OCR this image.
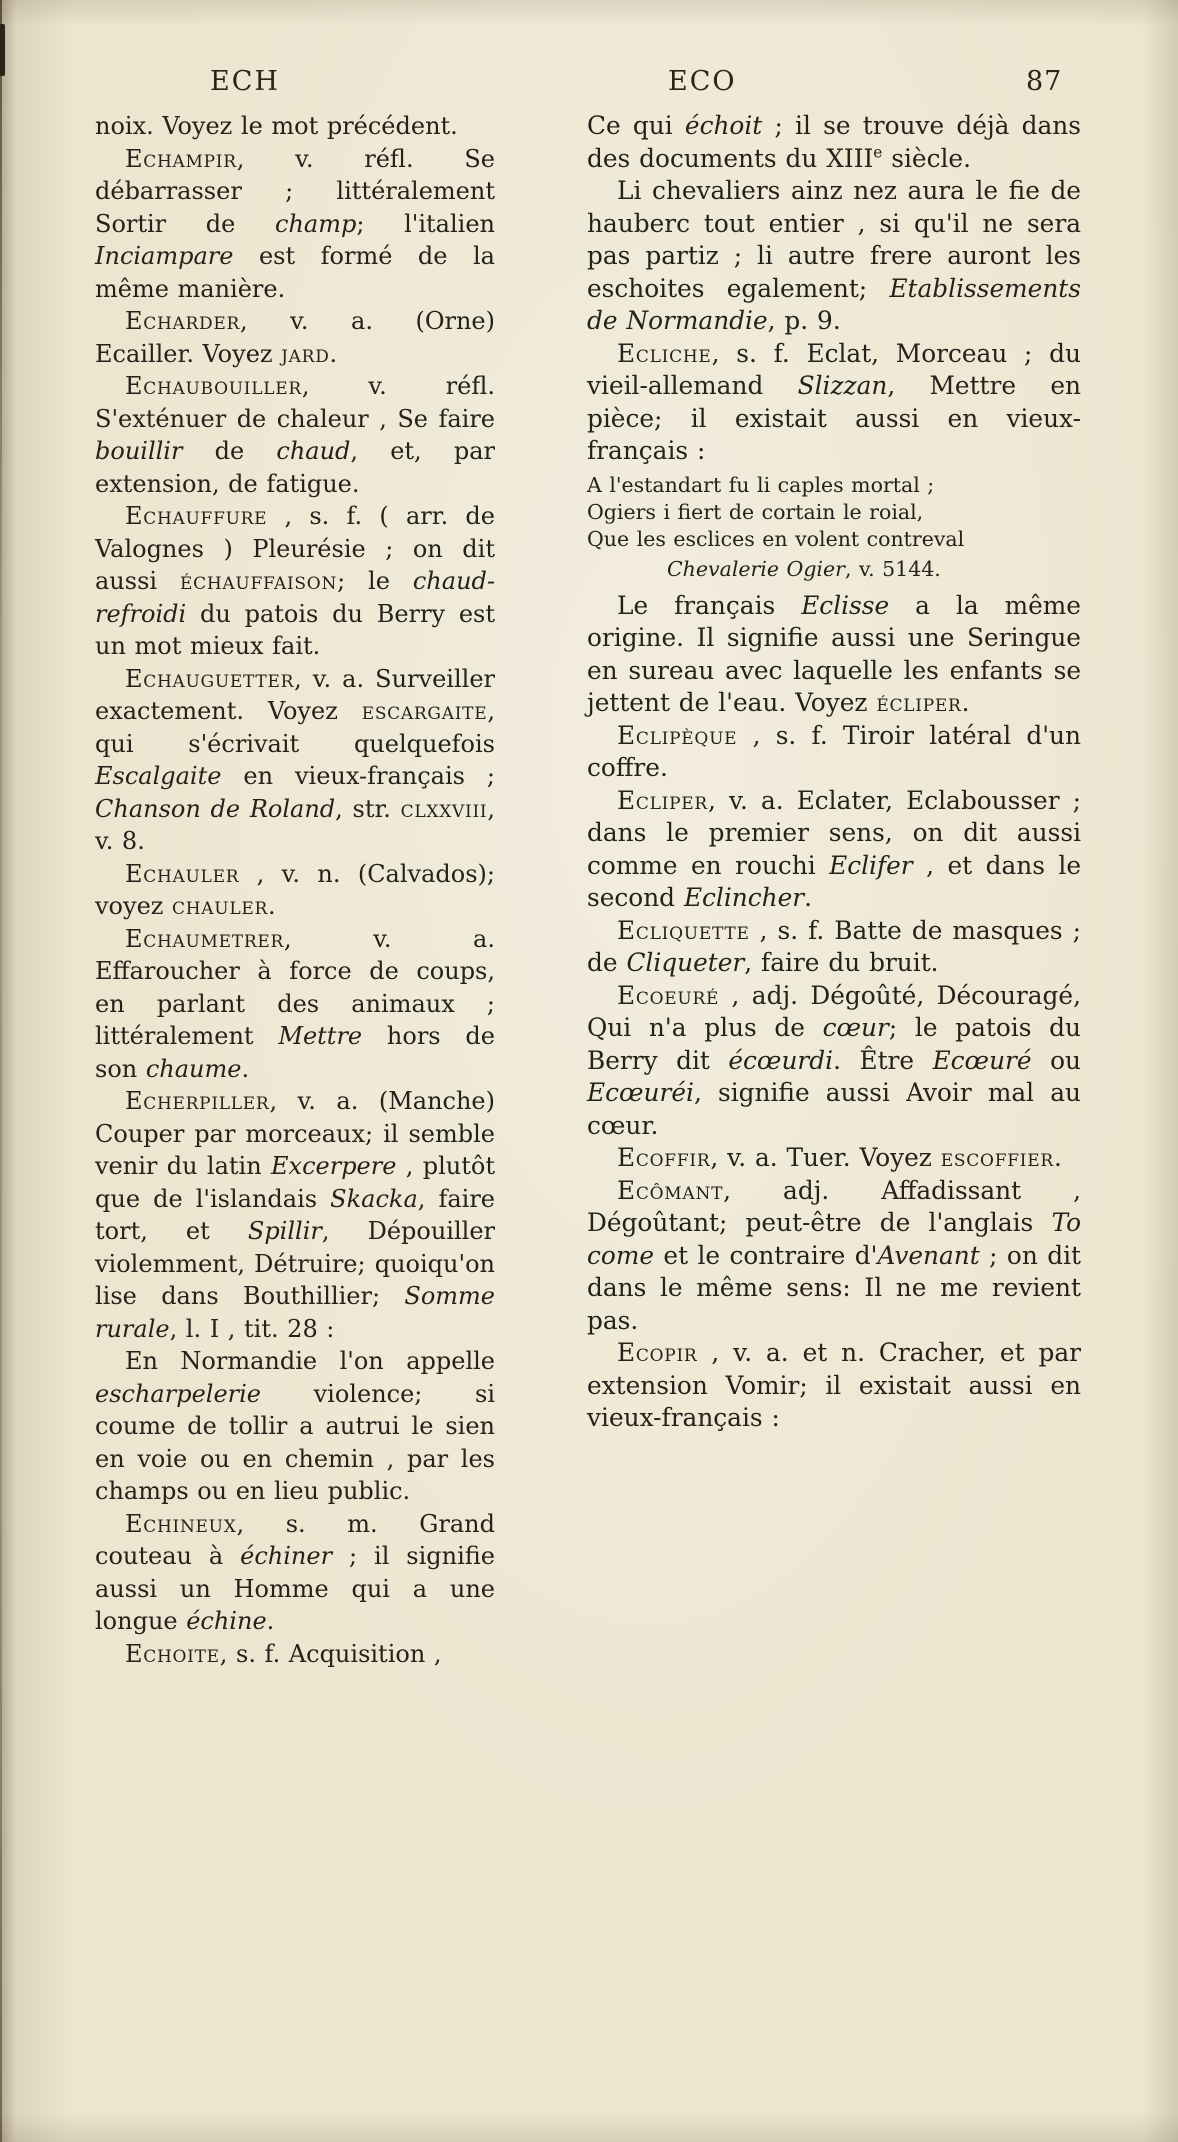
ECH	ECO	87

noix. Voyez le mot précédent.

Echampir, v. réfl. Se débarrasser ; littéralement Sortir de champ; l'italien Inciampare est formé de la même manière.

Echarder, v. a. (Orne) Ecailler. Voyez jard.

Echaubouiller, v. réfl. S'exténuer de chaleur , Se faire bouillir de chaud, et, par extension, de fatigue.

Echauffure , s. f. ( arr. de Valognes ) Pleurésie ; on dit aussi échauffaison; le chaud-refroidi du patois du Berry est un mot mieux fait.

Echauguetter, v. a. Surveiller exactement. Voyez escargaite, qui s'écrivait quelquefois Escalgaite en vieux-français ; Chanson de Roland, str. clxxviii, v. 8.

Echauler , v. n. (Calvados); voyez chauler.

Echaumetrer, v. a. Effaroucher à force de coups, en parlant des animaux ; littéralement Mettre hors de son chaume.

Echerpiller, v. a. (Manche) Couper par morceaux; il semble venir du latin Excerpere , plutôt que de l'islandais Skacka, faire tort, et Spillir, Dépouiller violemment, Détruire; quoiqu'on lise dans Bouthillier; Somme rurale, l. I , tit. 28 :

En Normandie l'on appelle escharpelerie violence; si coume de tollir a autrui le sien en voie ou en chemin , par les champs ou en lieu public.

Echineux, s. m. Grand couteau à échiner ; il signifie aussi un Homme qui a une longue échine.

Echoite, s. f. Acquisition ,

Ce qui échoit ; il se trouve déjà dans des documents du XIIIe siècle.

Li chevaliers ainz nez aura le fie de hauberc tout entier , si qu'il ne sera pas partiz ; li autre frere auront les eschoites egalement; Etablissements de Normandie, p. 9.

Ecliche, s. f. Eclat, Morceau ; du vieil-allemand Slizzan, Mettre en pièce; il existait aussi en vieux-français :

A l'estandart fu li caples mortal ;
Ogiers i fiert de cortain le roial,
Que les esclices en volent contreval

Chevalerie Ogier, v. 5144.

Le français Eclisse a la même origine. Il signifie aussi une Seringue en sureau avec laquelle les enfants se jettent de l'eau. Voyez écliper.

Eclipèque , s. f. Tiroir latéral d'un coffre.

Ecliper, v. a. Eclater, Eclabousser ; dans le premier sens, on dit aussi comme en rouchi Eclifer , et dans le second Eclincher.

Ecliquette , s. f. Batte de masques ; de Cliqueter, faire du bruit.

Ecoeuré , adj. Dégoûté, Découragé, Qui n'a plus de cœur; le patois du Berry dit écœurdi. Être Ecœuré ou Ecœuréi, signifie aussi Avoir mal au cœur.

Ecoffir, v. a. Tuer. Voyez escoffier.

Ecômant, adj. Affadissant , Dégoûtant; peut-être de l'anglais To come et le contraire d'Avenant ; on dit dans le même sens: Il ne me revient pas.

Ecopir , v. a. et n. Cracher, et par extension Vomir; il existait aussi en vieux-français :
